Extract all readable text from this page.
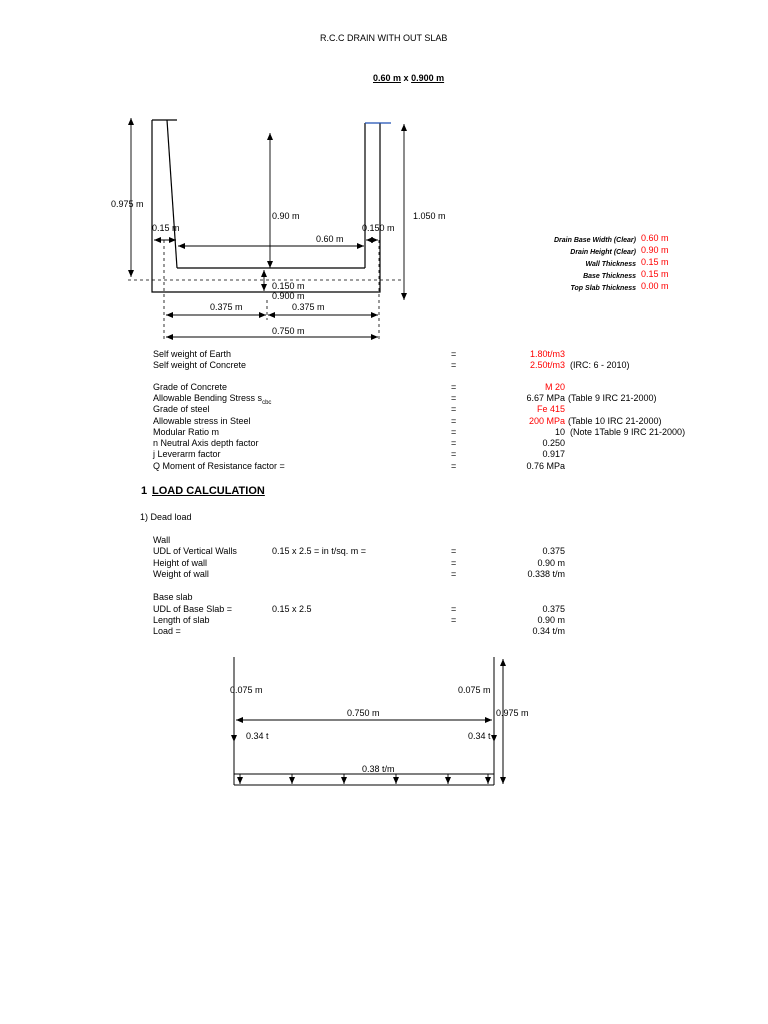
R.C.C DRAIN WITH OUT SLAB
0.60 m x 0.900 m
0.975 m
0.90 m	1.050 m
0.15 m	0.150 m
0.60 m
0.150 m
0.900 m
0.375 m	0.375 m
0.750 m
Drain Base Width (Clear) 0.60 m
Drain Height (Clear) 0.90 m
Wall Thickness 0.15 m
Base Thickness 0.15 m
Top Slab Thickness 0.00 m
Self weight of Earth	=	1.80t/m3
Self weight of Concrete	=	2.50t/m3 (IRC: 6 - 2010)
Grade of Concrete	=	M 20
Allowable Bending Stress $s_{cbc}$	=	6.67 MPa (Table 9 IRC 21-2000)
Grade of steel	=	Fe 415
Allowable stress in Steel	=	200 MPa (Table 10 IRC 21-2000)
Modular Ratio m	=	10 (Note 1Table 9 IRC 21-2000)
n Neutral Axis depth factor	=	0.250
j Leverarm factor	=	0.917
Q Moment of Resistance factor =	=	0.76 MPa
1 LOAD CALCULATION
1) Dead load
Wall
UDL of Vertical Walls	0.15 x 2.5 = in t/sq. m =	=	0.375
Height of wall	=	0.90 m
Weight of wall	=	0.338 t/m
Base slab
UDL of Base Slab =	0.15 x 2.5	=	0.375
Length of slab	=	0.90 m
Load =	0.34 t/m
0.075 m	0.075 m
0.750 m	0.975 m
0.34 t	0.34 t
0.38 t/m
